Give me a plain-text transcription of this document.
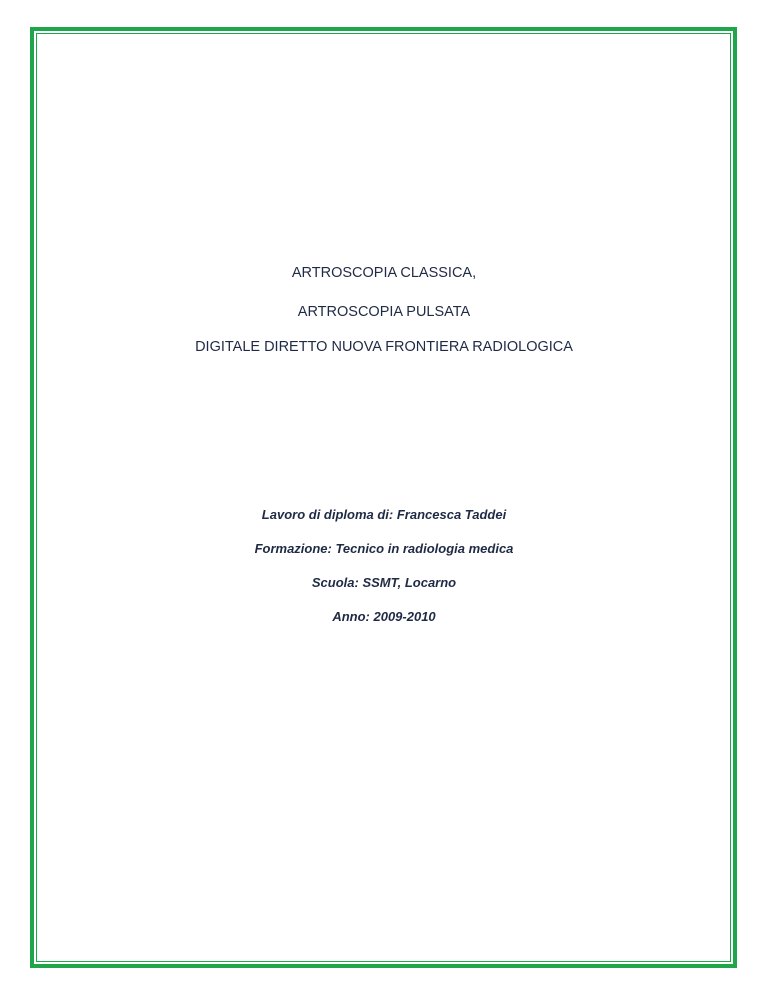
ARTROSCOPIA CLASSICA,
ARTROSCOPIA PULSATA
DIGITALE DIRETTO NUOVA FRONTIERA RADIOLOGICA
Lavoro di diploma di: Francesca Taddei
Formazione: Tecnico in radiologia medica
Scuola: SSMT, Locarno
Anno: 2009-2010
